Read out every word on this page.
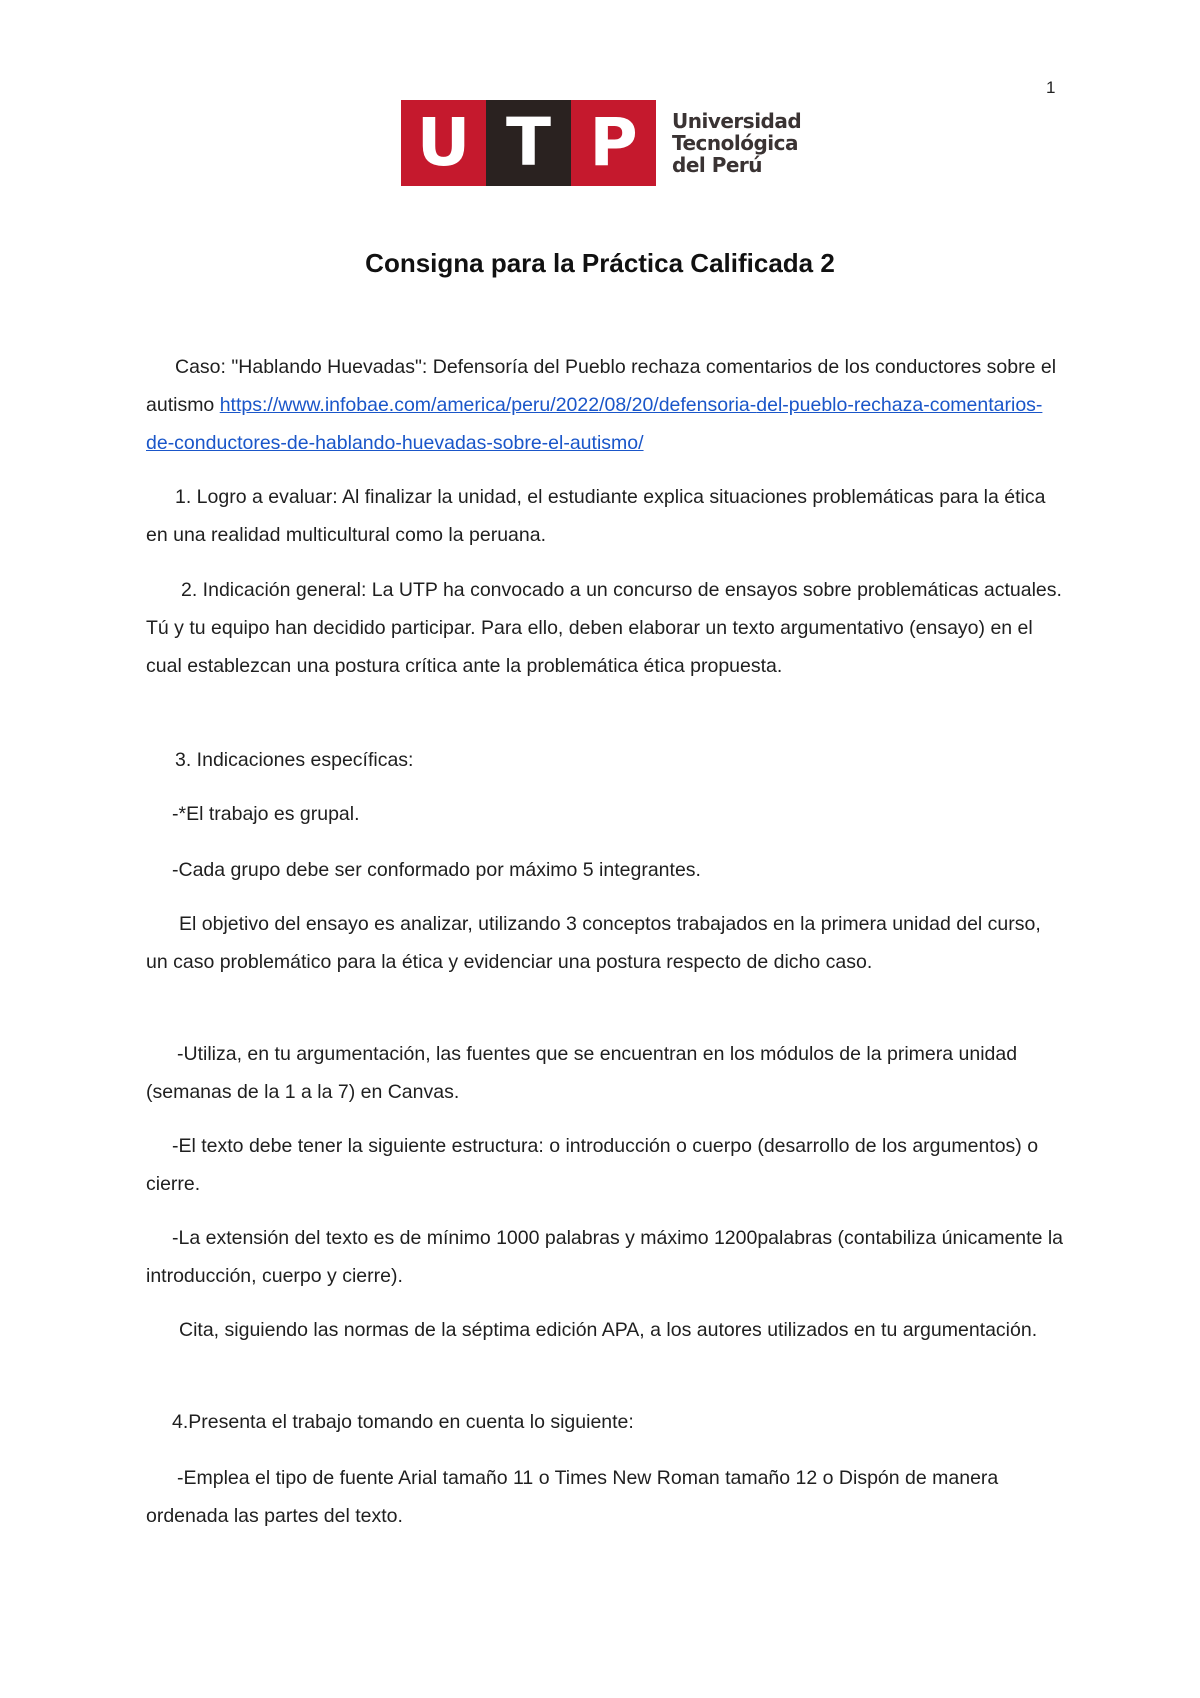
1
U T P	Universidad
Tecnológica
del Perú
Consigna para la Práctica Calificada 2
Caso: "Hablando Huevadas": Defensoría del Pueblo rechaza comentarios de los conductores sobre el autismo https://www.infobae.com/america/peru/2022/08/20/defensoria-del-pueblo-rechaza-comentarios-de-conductores-de-hablando-huevadas-sobre-el-autismo/
1. Logro a evaluar: Al finalizar la unidad, el estudiante explica situaciones problemáticas para la ética en una realidad multicultural como la peruana.
2. Indicación general: La UTP ha convocado a un concurso de ensayos sobre problemáticas actuales. Tú y tu equipo han decidido participar. Para ello, deben elaborar un texto argumentativo (ensayo) en el cual establezcan una postura crítica ante la problemática ética propuesta.
3. Indicaciones específicas:
-*El trabajo es grupal.
-Cada grupo debe ser conformado por máximo 5 integrantes.
El objetivo del ensayo es analizar, utilizando 3 conceptos trabajados en la primera unidad del curso, un caso problemático para la ética y evidenciar una postura respecto de dicho caso.
-Utiliza, en tu argumentación, las fuentes que se encuentran en los módulos de la primera unidad (semanas de la 1 a la 7) en Canvas.
-El texto debe tener la siguiente estructura: o introducción o cuerpo (desarrollo de los argumentos) o cierre.
-La extensión del texto es de mínimo 1000 palabras y máximo 1200palabras (contabiliza únicamente la introducción, cuerpo y cierre).
Cita, siguiendo las normas de la séptima edición APA, a los autores utilizados en tu argumentación.
4.Presenta el trabajo tomando en cuenta lo siguiente:
-Emplea el tipo de fuente Arial tamaño 11 o Times New Roman tamaño 12 o Dispón de manera ordenada las partes del texto.
